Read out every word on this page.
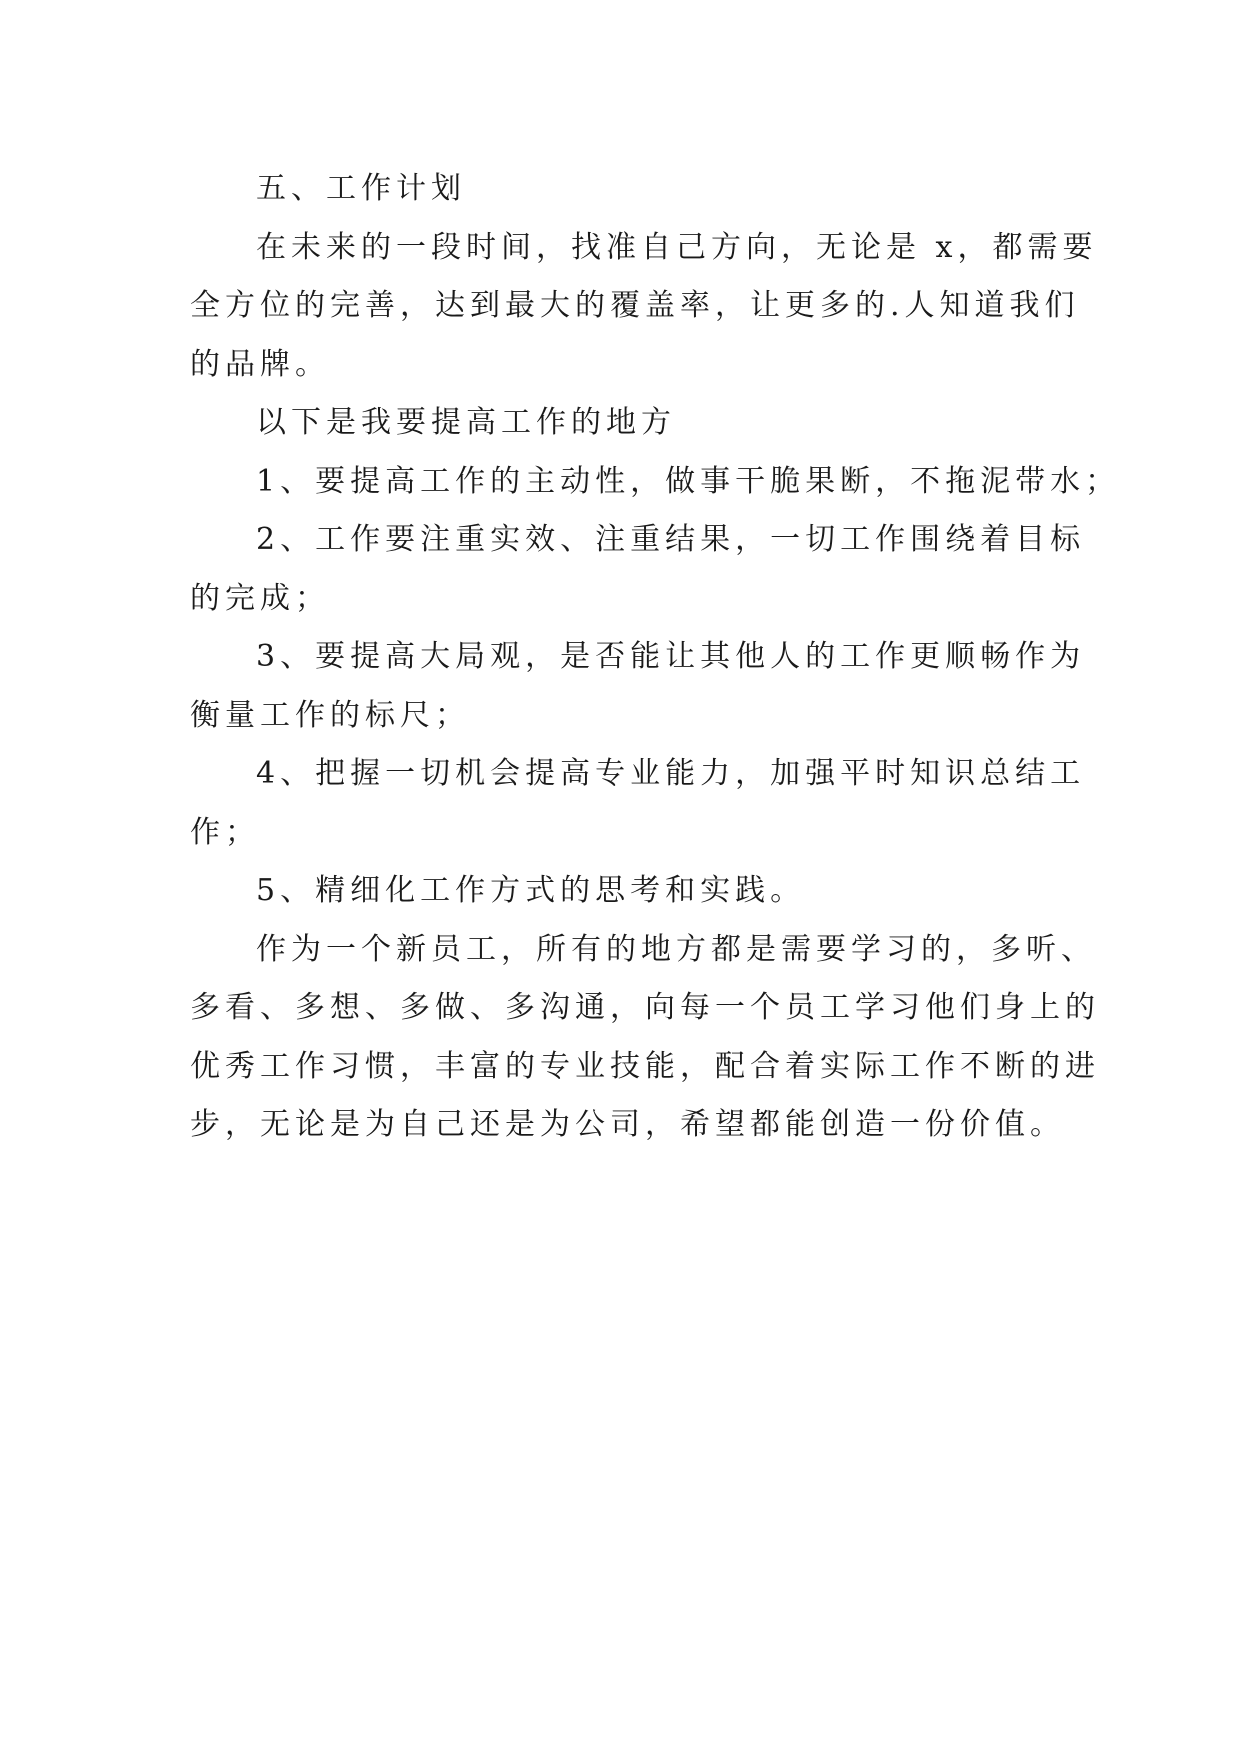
五、工作计划
在未来的一段时间，找准自己方向，无论是 x，都需要
全方位的完善，达到最大的覆盖率，让更多的.人知道我们
的品牌。
以下是我要提高工作的地方
1、要提高工作的主动性，做事干脆果断，不拖泥带水；
2、工作要注重实效、注重结果，一切工作围绕着目标
的完成；
3、要提高大局观，是否能让其他人的工作更顺畅作为
衡量工作的标尺；
4、把握一切机会提高专业能力，加强平时知识总结工
作；
5、精细化工作方式的思考和实践。
作为一个新员工，所有的地方都是需要学习的，多听、
多看、多想、多做、多沟通，向每一个员工学习他们身上的
优秀工作习惯，丰富的专业技能，配合着实际工作不断的进
步，无论是为自己还是为公司，希望都能创造一份价值。
